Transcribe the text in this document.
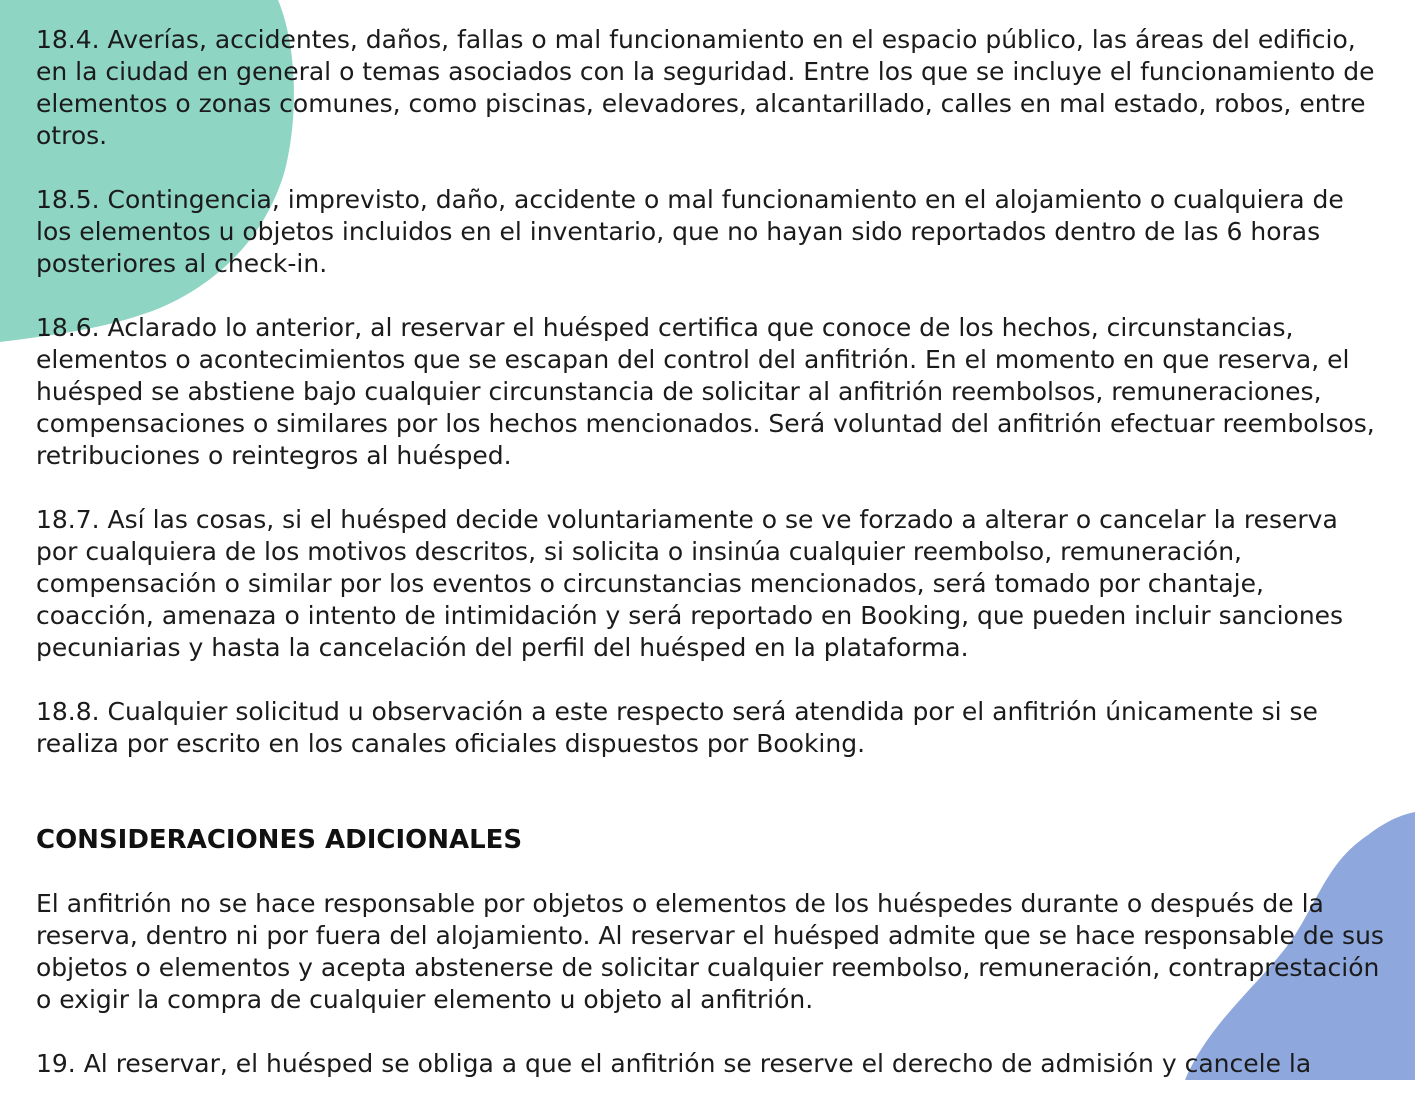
18.4. Averías, accidentes, daños, fallas o mal funcionamiento en el espacio público, las áreas del edificio, en la ciudad en general o temas asociados con la seguridad. Entre los que se incluye el funcionamiento de elementos o zonas comunes, como piscinas, elevadores, alcantarillado, calles en mal estado, robos, entre otros.

18.5. Contingencia, imprevisto, daño, accidente o mal funcionamiento en el alojamiento o cualquiera de los elementos u objetos incluidos en el inventario, que no hayan sido reportados dentro de las 6 horas posteriores al check-in.

18.6. Aclarado lo anterior, al reservar el huésped certifica que conoce de los hechos, circunstancias, elementos o acontecimientos que se escapan del control del anfitrión. En el momento en que reserva, el huésped se abstiene bajo cualquier circunstancia de solicitar al anfitrión reembolsos, remuneraciones, compensaciones o similares por los hechos mencionados. Será voluntad del anfitrión efectuar reembolsos, retribuciones o reintegros al huésped.

18.7. Así las cosas, si el huésped decide voluntariamente o se ve forzado a alterar o cancelar la reserva por cualquiera de los motivos descritos, si solicita o insinúa cualquier reembolso, remuneración, compensación o similar por los eventos o circunstancias mencionados, será tomado por chantaje, coacción, amenaza o intento de intimidación y será reportado en Booking, que pueden incluir sanciones pecuniarias y hasta la cancelación del perfil del huésped en la plataforma.

18.8. Cualquier solicitud u observación a este respecto será atendida por el anfitrión únicamente si se realiza por escrito en los canales oficiales dispuestos por Booking.

CONSIDERACIONES ADICIONALES

El anfitrión no se hace responsable por objetos o elementos de los huéspedes durante o después de la reserva, dentro ni por fuera del alojamiento. Al reservar el huésped admite que se hace responsable de sus objetos o elementos y acepta abstenerse de solicitar cualquier reembolso, remuneración, contraprestación o exigir la compra de cualquier elemento u objeto al anfitrión.

19. Al reservar, el huésped se obliga a que el anfitrión se reserve el derecho de admisión y cancele la
